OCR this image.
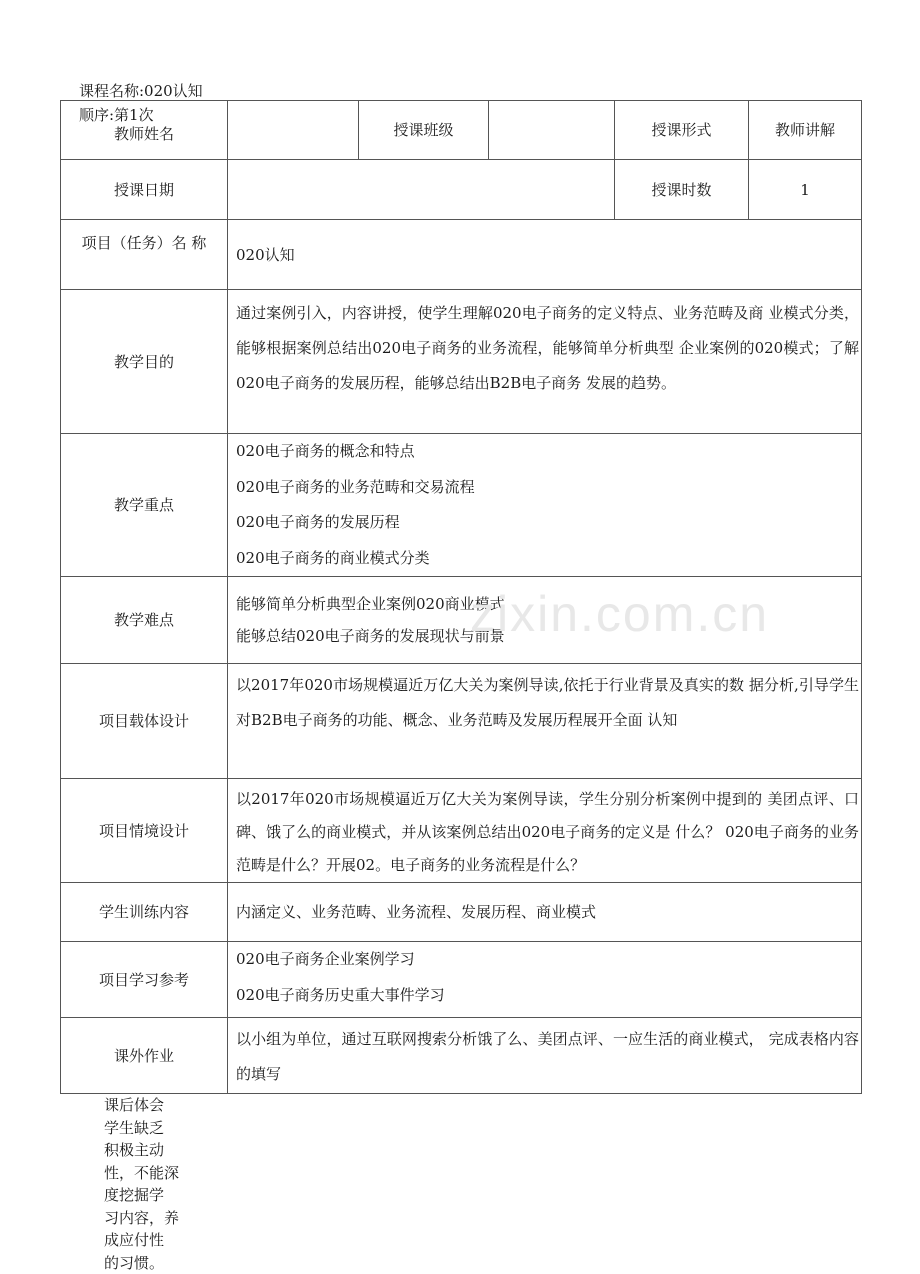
课程名称:020认知
教师姓名		授课班级		授课形式	教师讲解
授课日期				授课时数	1
项目（任务）名 称	020认知				
教学目的	通过案例引入，内容讲授，使学生理解020电子商务的定义特点、业务范畴及商 业模式分类，能够根据案例总结出020电子商务的业务流程，能够简单分析典型 企业案例的020模式；了解020电子商务的发展历程，能够总结出B2B电子商务 发展的趋势。				

教学重点	020电子商务的概念和特点
020电子商务的业务范畴和交易流程
020电子商务的发展历程
020电子商务的商业模式分类				

教学难点	能够简单分析典型企业案例020商业模式
能够总结020电子商务的发展现状与前景				

项目载体设计	以2017年020市场规模逼近万亿大关为案例导读,依托于行业背景及真实的数 据分析,引导学生对B2B电子商务的功能、概念、业务范畴及发展历程展开全面 认知				

项目情境设计	以2017年020市场规模逼近万亿大关为案例导读，学生分别分析案例中提到的 美团点评、口碑、饿了么的商业模式，并从该案例总结出020电子商务的定义是 什么？ 020电子商务的业务范畴是什么？开展02。电子商务的业务流程是什么？				

学生训练内容	内涵定义、业务范畴、业务流程、发展历程、商业模式				
项目学习参考	020电子商务企业案例学习
020电子商务历史重大事件学习				

课外作业	以小组为单位，通过互联网搜索分析饿了么、美团点评、一应生活的商业模式， 完成表格内容的填写				

顺序:第1次
zixin.com.cn
课后体会
学生缺乏
积极主动
性，不能深
度挖掘学
习内容，养
成应付性
的习惯。
